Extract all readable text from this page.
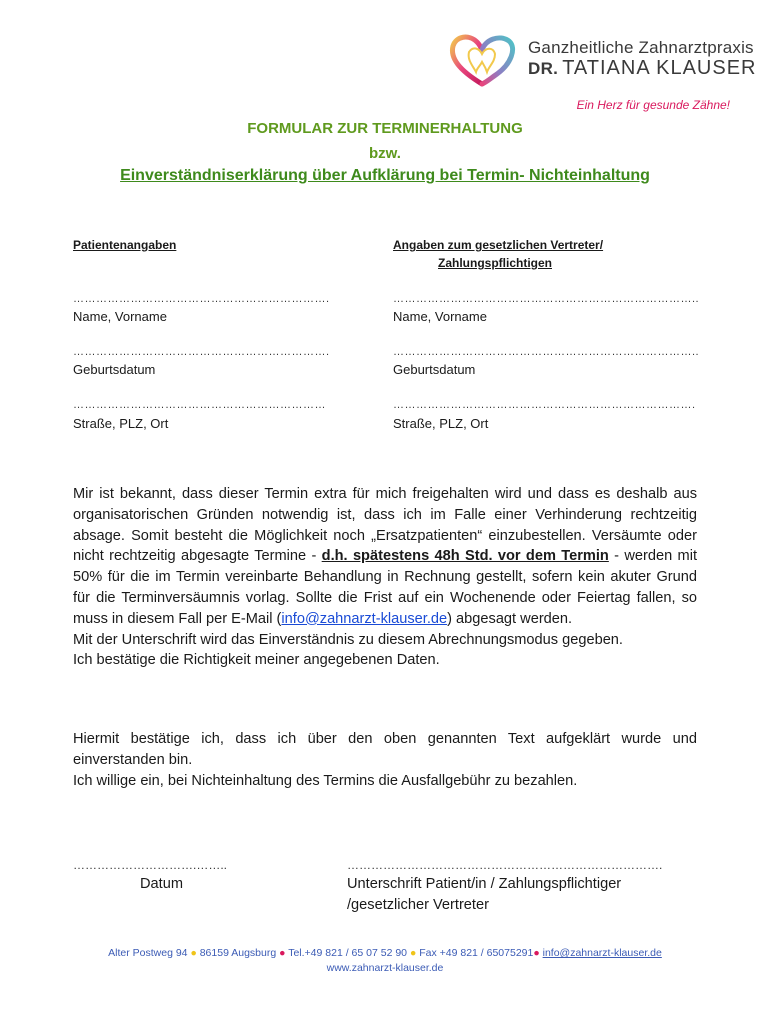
Ganzheitliche Zahnarztpraxis
DR. TATIANA KLAUSER
Ein Herz für gesunde Zähne!
FORMULAR ZUR TERMINERHALTUNG
bzw.
Einverständniserklärung über Aufklärung bei Termin- Nichteinhaltung
Patientenangaben
………………………………………………………….
Name, Vorname
………………………………………………………….
Geburtsdatum
…………………………………………………………
Straße, PLZ, Ort
Angaben zum gesetzlichen Vertreter/
Zahlungspflichtigen
……………………………………………………………………..
Name, Vorname
……………………………………………………………………..
Geburtsdatum
…………………………………………………………………….
Straße, PLZ, Ort

Mir ist bekannt, dass dieser Termin extra für mich freigehalten wird und dass es deshalb aus organisatorischen Gründen notwendig ist, dass ich im Falle einer Verhinderung rechtzeitig absage. Somit besteht die Möglichkeit noch „Ersatzpatienten“ einzubestellen. Versäumte oder nicht rechtzeitig abgesagte Termine - d.h. spätestens 48h Std. vor dem Termin - werden mit 50% für die im Termin vereinbarte Behandlung in Rechnung gestellt, sofern kein akuter Grund für die Terminversäumnis vorlag. Sollte die Frist auf ein Wochenende oder Feiertag fallen, so muss in diesem Fall per E-Mail (info@zahnarzt-klauser.de) abgesagt werden.

Mit der Unterschrift wird das Einverständnis zu diesem Abrechnungsmodus gegeben.

Ich bestätige die Richtigkeit meiner angegebenen Daten.

Hiermit bestätige ich, dass ich über den oben genannten Text aufgeklärt wurde und einverstanden bin.

Ich willige ein, bei Nichteinhaltung des Termins die Ausfallgebühr zu bezahlen.

………………………….……..
Datum
…………………………………………………………………….
Unterschrift Patient/in / Zahlungspflichtiger
/gesetzlicher Vertreter
Alter Postweg 94 ● 86159 Augsburg ● Tel.+49 821 / 65 07 52 90 ● Fax +49 821 / 65075291● info@zahnarzt-klauser.de
www.zahnarzt-klauser.de
